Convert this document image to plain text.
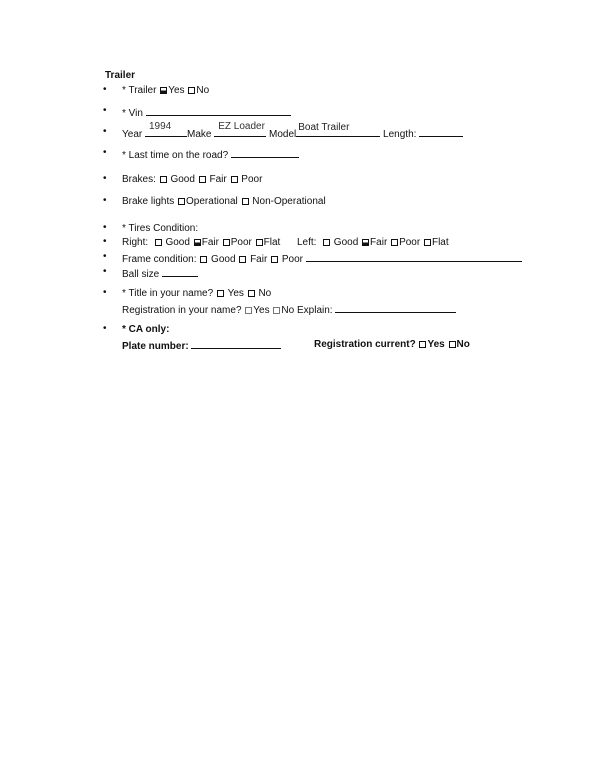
Trailer
• * Trailer Yes No
• * Vin
• Year
1994
Make
EZ Loader
Model
Boat Trailer
Length:
• * Last time on the road?
• Brakes: Good Fair Poor
• Brake lights Operational Non-Operational
• * Tires Condition:
• Right: Good Fair Poor Flat Left: Good Fair Poor Flat
• Frame condition: Good Fair Poor
• Ball size
• * Title in your name? Yes No
Registration in your name? Yes No Explain:
• * CA only:
Plate number:	Registration current? Yes No
